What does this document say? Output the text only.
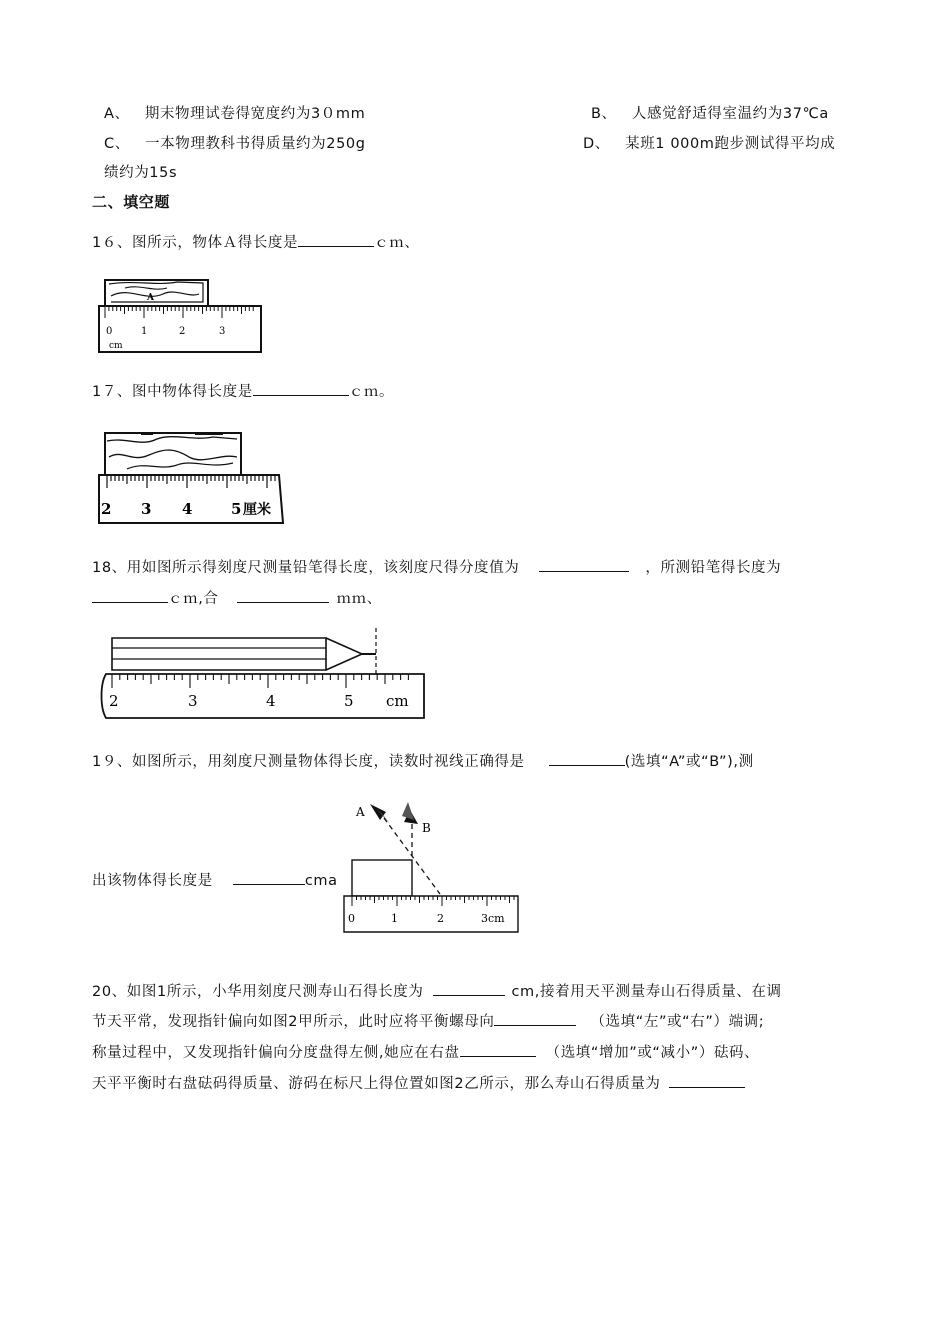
A、 期末物理试卷得宽度约为3０mm	B、 人感觉舒适得室温约为37℃a
C、 一本物理教科书得质量约为250g	D、 某班1 000m跑步测试得平均成
绩约为15s
二、填空题
1６、图所示，物体Ａ得长度是	ｃｍ、
0	1	2	3
cm
A
1７、图中物体得长度是	ｃｍ。
2 3 4	5 厘米
18、用如图所示得刻度尺测量铅笔得长度，该刻度尺得分度值为	，所测铅笔得长度为
ｃｍ,合	ｍｍ、
2	3	4	5 cm
1９、如图所示，用刻度尺测量物体得长度，读数时视线正确得是	(选填“A”或“B”),测
出该物体得长度是	cma
A
B
0	1	2	3cm
20、如图1所示，小华用刻度尺测寿山石得长度为	cm,接着用天平测量寿山石得质量、在调
节天平常，发现指针偏向如图2甲所示，此时应将平衡螺母向	（选填“左”或“右”）端调;
称量过程中，又发现指针偏向分度盘得左侧,她应在右盘	（选填“增加”或“减小”）砝码、
天平平衡时右盘砝码得质量、游码在标尺上得位置如图2乙所示，那么寿山石得质量为
